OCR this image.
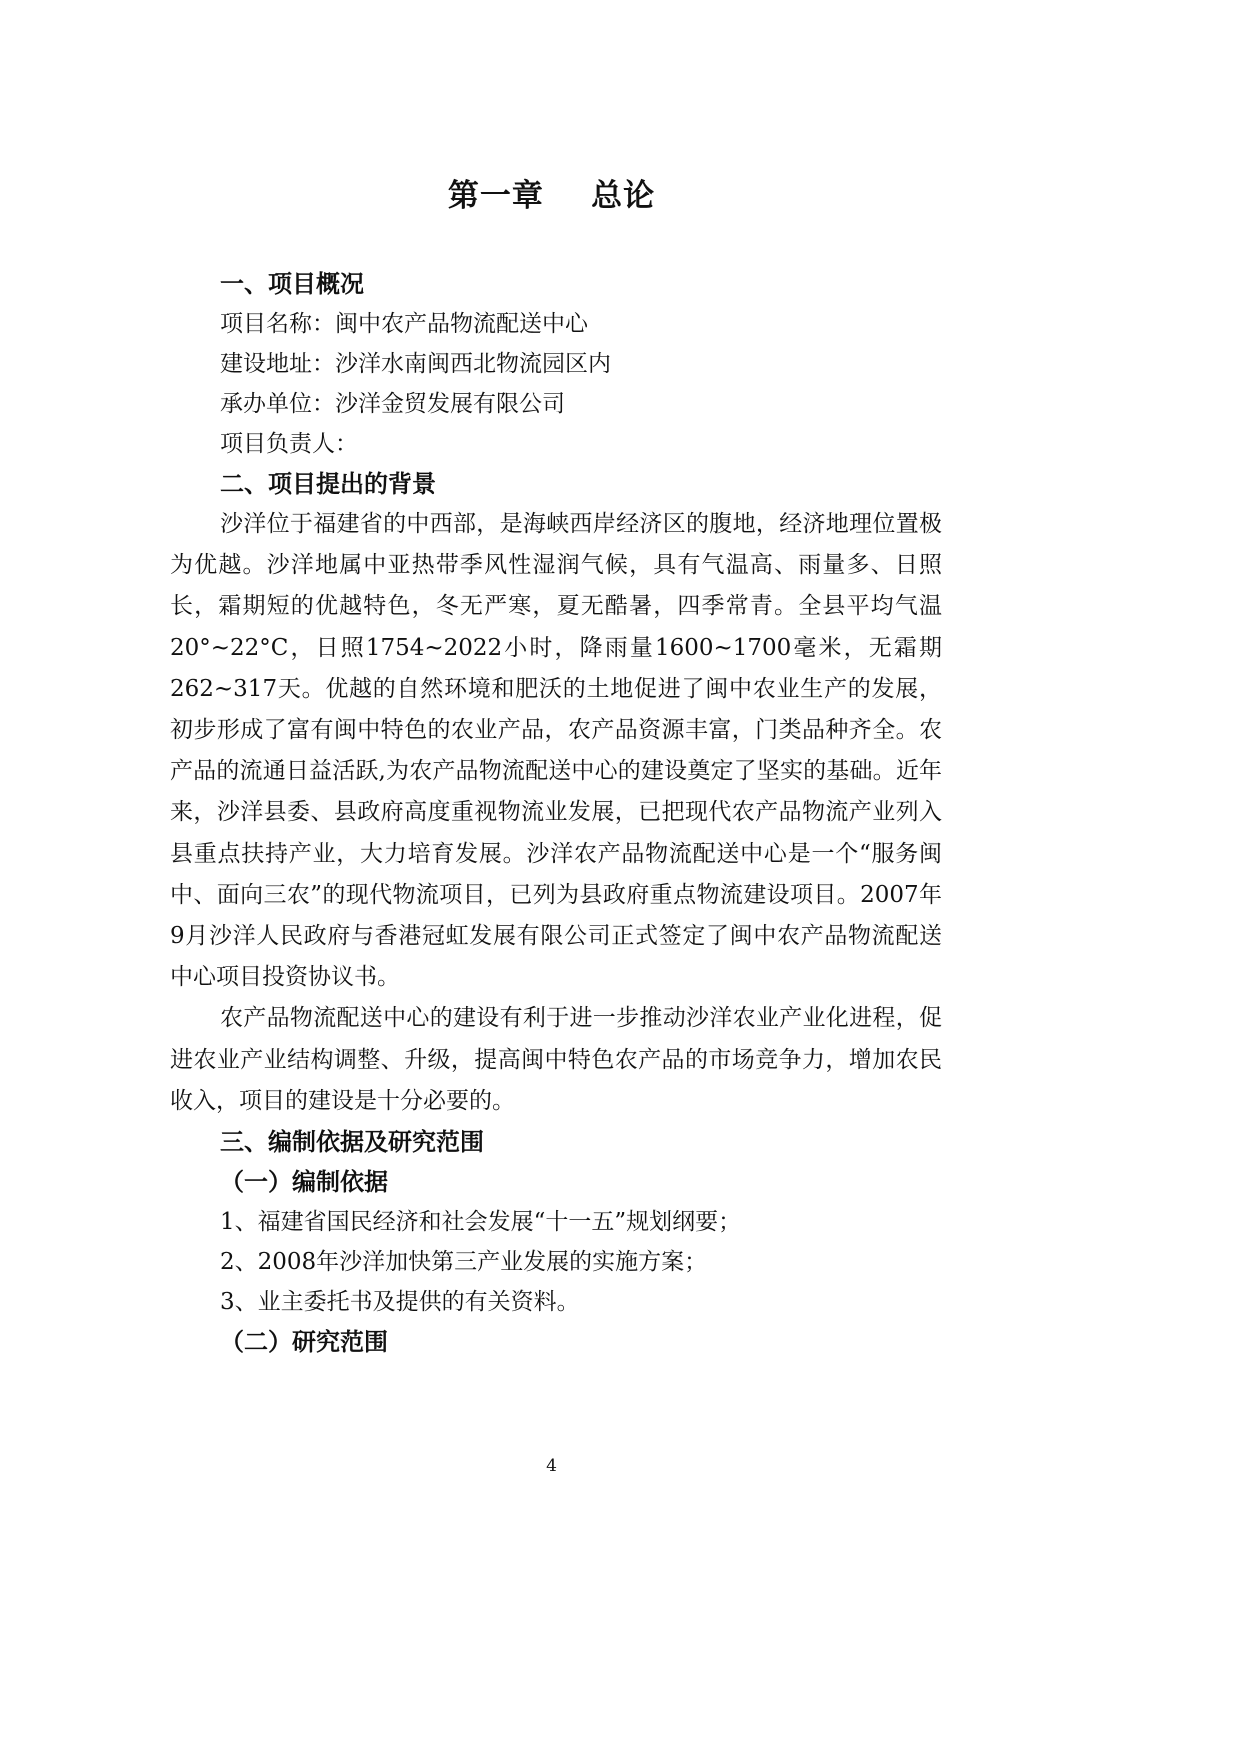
第一章    总论
一、项目概况
项目名称：闽中农产品物流配送中心
建设地址：沙洋水南闽西北物流园区内
承办单位：沙洋金贸发展有限公司
项目负责人：
二、项目提出的背景

沙洋位于福建省的中西部，是海峡西岸经济区的腹地，经济地理位置极为优越。沙洋地属中亚热带季风性湿润气候，具有气温高、雨量多、日照长，霜期短的优越特色，冬无严寒，夏无酷暑，四季常青。全县平均气温20°~22°C，日照1754~2022小时，降雨量1600~1700毫米，无霜期262~317天。优越的自然环境和肥沃的土地促进了闽中农业生产的发展，初步形成了富有闽中特色的农业产品，农产品资源丰富，门类品种齐全。农产品的流通日益活跃,为农产品物流配送中心的建设奠定了坚实的基础。近年来，沙洋县委、县政府高度重视物流业发展，已把现代农产品物流产业列入县重点扶持产业，大力培育发展。沙洋农产品物流配送中心是一个“服务闽中、面向三农”的现代物流项目，已列为县政府重点物流建设项目。2007年9月沙洋人民政府与香港冠虹发展有限公司正式签定了闽中农产品物流配送中心项目投资协议书。

农产品物流配送中心的建设有利于进一步推动沙洋农业产业化进程，促进农业产业结构调整、升级，提高闽中特色农产品的市场竞争力，增加农民收入，项目的建设是十分必要的。

三、编制依据及研究范围
（一）编制依据
1、福建省国民经济和社会发展“十一五”规划纲要；
2、2008年沙洋加快第三产业发展的实施方案；
3、业主委托书及提供的有关资料。
（二）研究范围
4
